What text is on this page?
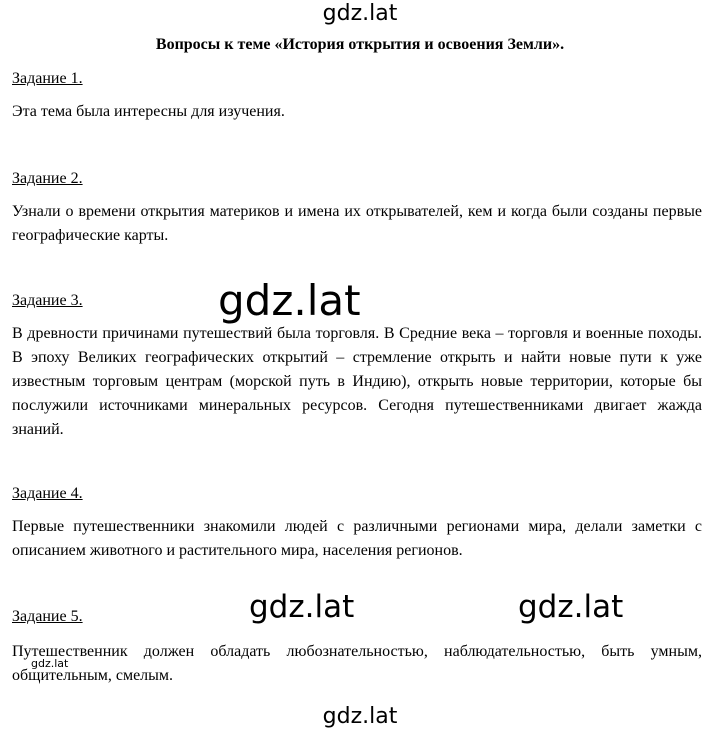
gdz.lat
Вопросы к теме «История открытия и освоения Земли».
Задание 1.
Эта тема была интересны для изучения.
Задание 2.
Узнали о времени открытия материков и имена их открывателей, кем и когда были созданы первые географические карты.
Задание 3.	gdz.lat
В древности причинами путешествий была торговля. В Средние века – торговля и военные походы. В эпоху Великих географических открытий – стремление открыть и найти новые пути к уже известным торговым центрам (морской путь в Индию), открыть новые территории, которые бы послужили источниками минеральных ресурсов. Сегодня путешественниками двигает жажда знаний.
Задание 4.
Первые путешественники знакомили людей с различными регионами мира, делали заметки с описанием животного и растительного мира, населения регионов.
Задание 5.	gdz.lat	gdz.lat
Путешественник должен обладать любознательностью, наблюдательностью, быть умным, общительным, смелым.
gdz.lat
gdz.lat
